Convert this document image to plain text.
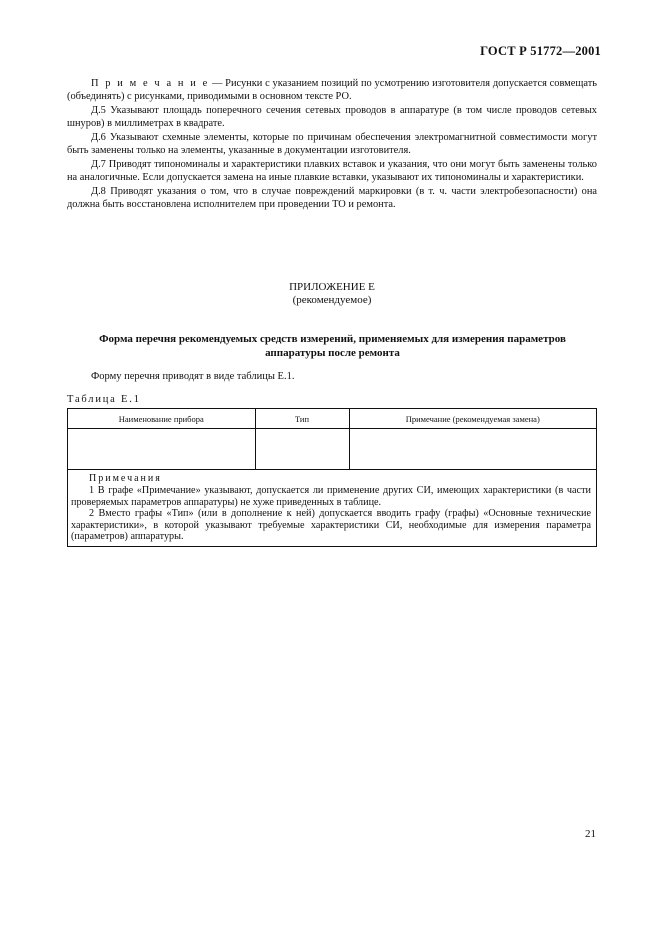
ГОСТ Р 51772—2001

П р и м е ч а н и е — Рисунки с указанием позиций по усмотрению изготовителя допускается совмещать (объединять) с рисунками, приводимыми в основном тексте РО.

Д.5 Указывают площадь поперечного сечения сетевых проводов в аппаратуре (в том числе проводов сетевых шнуров) в миллиметрах в квадрате.

Д.6 Указывают схемные элементы, которые по причинам обеспечения электромагнитной совместимости могут быть заменены только на элементы, указанные в документации изготовителя.

Д.7 Приводят типономиналы и характеристики плавких вставок и указания, что они могут быть заменены только на аналогичные. Если допускается замена на иные плавкие вставки, указывают их типономиналы и характеристики.

Д.8 Приводят указания о том, что в случае повреждений маркировки (в т. ч. части электробезопасности) она должна быть восстановлена исполнителем при проведении ТО и ремонта.

ПРИЛОЖЕНИЕ Е
(рекомендуемое)
Форма перечня рекомендуемых средств измерений, применяемых для измерения параметров аппаратуры после ремонта
Форму перечня приводят в виде таблицы Е.1.
Таблица Е.1
Наименование прибора	Тип	Примечание (рекомендуемая замена)

Примечания

1 В графе «Примечание» указывают, допускается ли применение других СИ, имеющих характеристики (в части проверяемых параметров аппаратуры) не хуже приведенных в таблице.

2 Вместо графы «Тип» (или в дополнение к ней) допускается вводить графу (графы) «Основные технические характеристики», в которой указывают требуемые характеристики СИ, необходимые для измерения параметра (параметров) аппаратуры.

21
